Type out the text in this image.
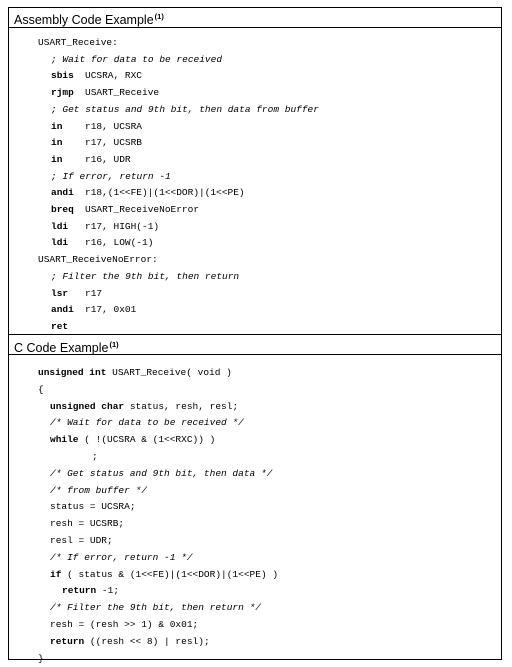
Assembly Code Example$^{(1)}$
USART_Receive:
; Wait for data to be received
sbis UCSRA, RXC
rjmp USART_Receive
; Get status and 9th bit, then data from buffer
in r18, UCSRA
in r17, UCSRB
in r16, UDR
; If error, return -1
andi r18,(1<<FE)|(1<<DOR)|(1<<PE)
breq USART_ReceiveNoError
ldi r17, HIGH(-1)
ldi r16, LOW(-1)
USART_ReceiveNoError:
; Filter the 9th bit, then return
lsr r17
andi r17, 0x01
ret
C Code Example$^{(1)}$
unsigned int USART_Receive( void )
{
unsigned char status, resh, resl;
/* Wait for data to be received */
while ( !(UCSRA & (1<<RXC)) )
;
/* Get status and 9th bit, then data */
/* from buffer */
status = UCSRA;
resh = UCSRB;
resl = UDR;
/* If error, return -1 */
if ( status & (1<<FE)|(1<<DOR)|(1<<PE) )
return -1;
/* Filter the 9th bit, then return */
resh = (resh >> 1) & 0x01;
return ((resh << 8) | resl);
}
